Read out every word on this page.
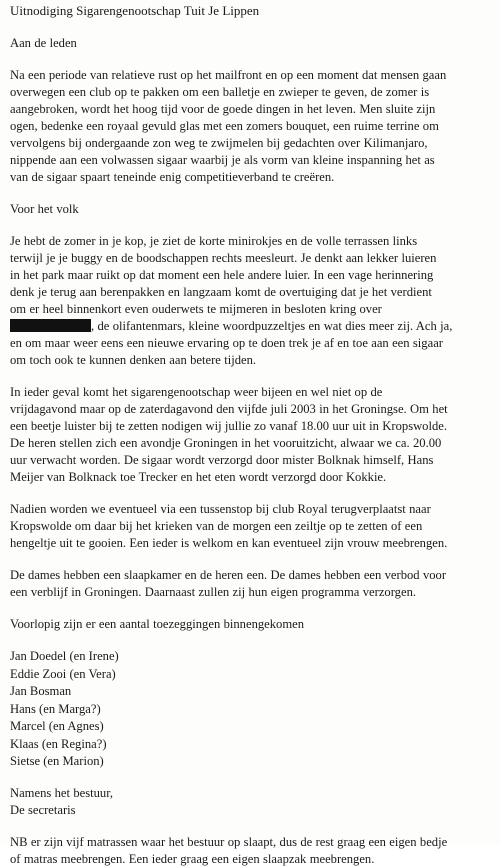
Uitnodiging Sigarengenootschap Tuit Je Lippen

Aan de leden

Na een periode van relatieve rust op het mailfront en op een moment dat mensen gaan
overwegen een club op te pakken om een balletje en zwieper te geven, de zomer is
aangebroken, wordt het hoog tijd voor de goede dingen in het leven. Men sluite zijn
ogen, bedenke een royaal gevuld glas met een zomers bouquet, een ruime terrine om
vervolgens bij ondergaande zon weg te zwijmelen bij gedachten over Kilimanjaro,
nippende aan een volwassen sigaar waarbij je als vorm van kleine inspanning het as
van de sigaar spaart teneinde enig competitieverband te creëren.

Voor het volk

Je hebt de zomer in je kop, je ziet de korte minirokjes en de volle terrassen links
terwijl je je buggy en de boodschappen rechts meesleurt. Je denkt aan lekker luieren
in het park maar ruikt op dat moment een hele andere luier. In een vage herinnering
denk je terug aan berenpakken en langzaam komt de overtuiging dat je het verdient
om er heel binnenkort even ouderwets te mijmeren in besloten kring over
, de olifantenmars, kleine woordpuzzeltjes en wat dies meer zij. Ach ja,
en om maar weer eens een nieuwe ervaring op te doen trek je af en toe aan een sigaar
om toch ook te kunnen denken aan betere tijden.

In ieder geval komt het sigarengenootschap weer bijeen en wel niet op de
vrijdagavond maar op de zaterdagavond den vijfde juli 2003 in het Groningse. Om het
een beetje luister bij te zetten nodigen wij jullie zo vanaf 18.00 uur uit in Kropswolde.
De heren stellen zich een avondje Groningen in het vooruitzicht, alwaar we ca. 20.00
uur verwacht worden. De sigaar wordt verzorgd door mister Bolknak himself, Hans
Meijer van Bolknack toe Trecker en het eten wordt verzorgd door Kokkie.

Nadien worden we eventueel via een tussenstop bij club Royal terugverplaatst naar
Kropswolde om daar bij het krieken van de morgen een zeiltje op te zetten of een
hengeltje uit te gooien. Een ieder is welkom en kan eventueel zijn vrouw meebrengen.

De dames hebben een slaapkamer en de heren een. De dames hebben een verbod voor
een verblijf in Groningen. Daarnaast zullen zij hun eigen programma verzorgen.

Voorlopig zijn er een aantal toezeggingen binnengekomen

Jan Doedel (en Irene)
Eddie Zooi (en Vera)
Jan Bosman
Hans (en Marga?)
Marcel (en Agnes)
Klaas (en Regina?)
Sietse (en Marion)

Namens het bestuur,
De secretaris

NB er zijn vijf matrassen waar het bestuur op slaapt, dus de rest graag een eigen bedje
of matras meebrengen. Een ieder graag een eigen slaapzak meebrengen.
